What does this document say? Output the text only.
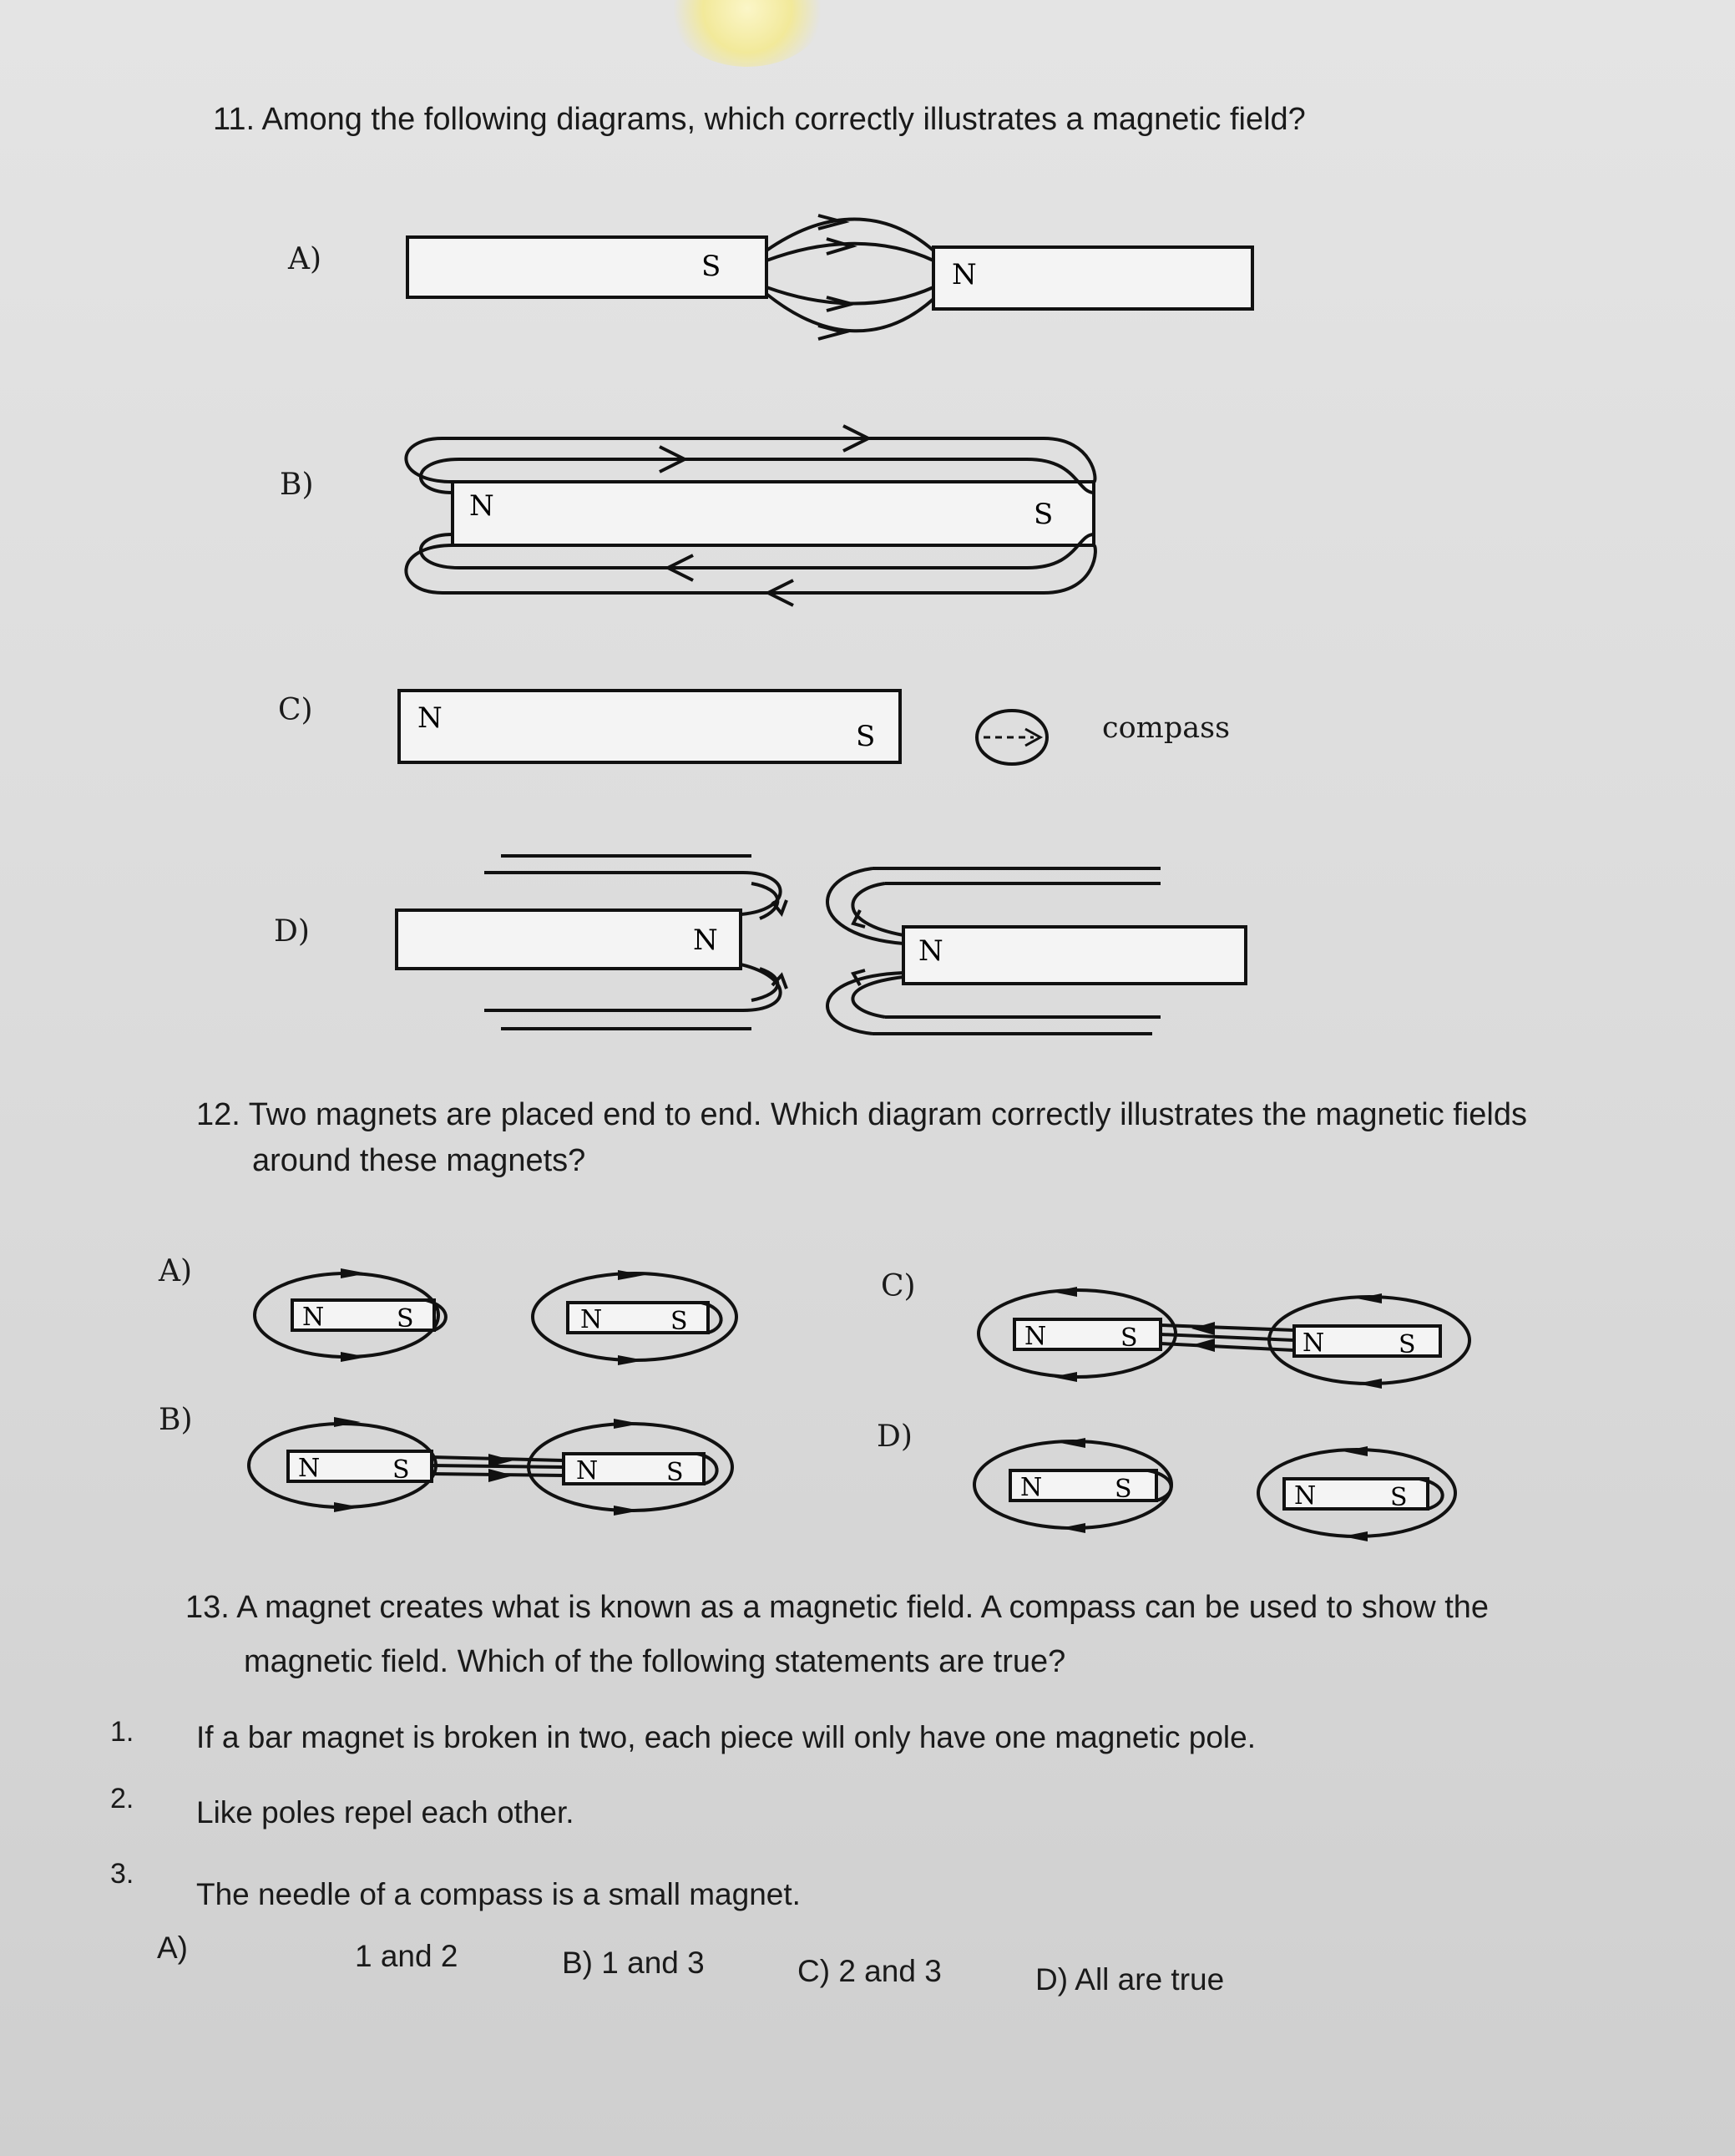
11. Among the following diagrams, which correctly illustrates a magnetic field?
A)	S	N
B)
N	S
C)	N
S	compass
D)	N	N
12. Two magnets are placed end to end. Which diagram correctly illustrates the magnetic fields
around these magnets?
A)
N	S	N	S
B)
N	S	N	S
C)
N	S	N	S
D)
N	S	N	S
13. A magnet creates what is known as a magnetic field. A compass can be used to show the
magnetic field. Which of the following statements are true?
1. If a bar magnet is broken in two, each piece will only have one magnetic pole.
2. Like poles repel each other.
3.
The needle of a compass is a small magnet.
A)	1 and 2	B) 1 and 3	C) 2 and 3	D) All are true
